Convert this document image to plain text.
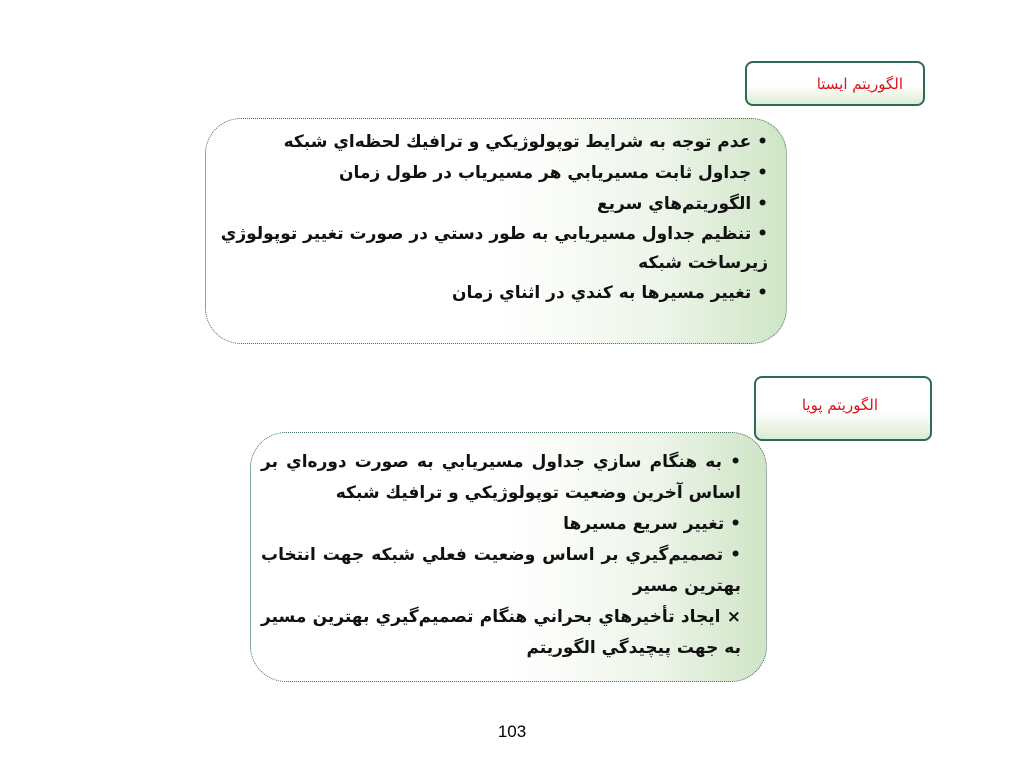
الگوريتم ايستا
• عدم توجه به شرايط توپولوژيکي و ترافيك لحظه‌اي شبكه
• جداول ثابت مسيريابي هر مسيرياب در طول زمان
• الگوريتم‌هاي سريع
• تنظيم جداول مسيريابي به طور دستي در صورت تغيير توپولوژي زيرساخت شبكه
• تغيير مسيرها به كندي در اثناي زمان
الگوريتم پويا
• به هنگام سازي جداول مسيريابي به صورت دوره‌اي بر اساس آخرين وضعيت توپولوژيكي و ترافيك شبكه
• تغيير سريع مسيرها
• تصميم‌گيري بر اساس وضعيت فعلي شبكه جهت انتخاب بهترين مسير
× ايجاد تأخيرهاي بحراني هنگام تصميم‌گيري بهترين مسير به جهت پيچيدگي الگوريتم
103
